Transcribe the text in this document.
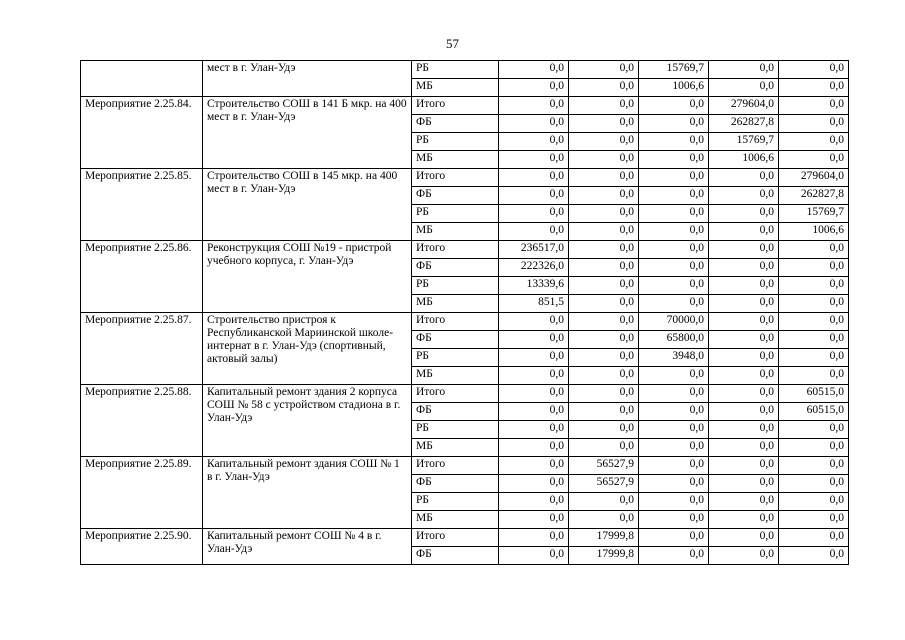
57
	мест в г. Улан-Удэ	РБ	0,0	0,0	15769,7	0,0	0,0
		МБ	0,0	0,0	1006,6	0,0	0,0
Мероприятие 2.25.84.	Строительство СОШ в 141 Б мкр. на 400 мест в г. Улан-Удэ	Итого	0,0	0,0	0,0	279604,0	0,0
		ФБ	0,0	0,0	0,0	262827,8	0,0
		РБ	0,0	0,0	0,0	15769,7	0,0
		МБ	0,0	0,0	0,0	1006,6	0,0
Мероприятие 2.25.85.	Строительство СОШ в 145 мкр. на 400 мест в г. Улан-Удэ	Итого	0,0	0,0	0,0	0,0	279604,0
		ФБ	0,0	0,0	0,0	0,0	262827,8
		РБ	0,0	0,0	0,0	0,0	15769,7
		МБ	0,0	0,0	0,0	0,0	1006,6
Мероприятие 2.25.86.	Реконструкция СОШ №19 - пристрой учебного корпуса, г. Улан-Удэ	Итого	236517,0	0,0	0,0	0,0	0,0
		ФБ	222326,0	0,0	0,0	0,0	0,0
		РБ	13339,6	0,0	0,0	0,0	0,0
		МБ	851,5	0,0	0,0	0,0	0,0
Мероприятие 2.25.87.	Строительство пристроя к Республиканской Мариинской школе-интернат в г. Улан-Удэ (спортивный, актовый залы)	Итого	0,0	0,0	70000,0	0,0	0,0
		ФБ	0,0	0,0	65800,0	0,0	0,0
		РБ	0,0	0,0	3948,0	0,0	0,0
		МБ	0,0	0,0	0,0	0,0	0,0
Мероприятие 2.25.88.	Капитальный ремонт здания 2 корпуса СОШ № 58 с устройством стадиона в г. Улан-Удэ	Итого	0,0	0,0	0,0	0,0	60515,0
		ФБ	0,0	0,0	0,0	0,0	60515,0
		РБ	0,0	0,0	0,0	0,0	0,0
		МБ	0,0	0,0	0,0	0,0	0,0
Мероприятие 2.25.89.	Капитальный ремонт здания СОШ № 1 в г. Улан-Удэ	Итого	0,0	56527,9	0,0	0,0	0,0
		ФБ	0,0	56527,9	0,0	0,0	0,0
		РБ	0,0	0,0	0,0	0,0	0,0
		МБ	0,0	0,0	0,0	0,0	0,0
Мероприятие 2.25.90.	Капитальный ремонт СОШ № 4 в г. Улан-Удэ	Итого	0,0	17999,8	0,0	0,0	0,0
		ФБ	0,0	17999,8	0,0	0,0	0,0
